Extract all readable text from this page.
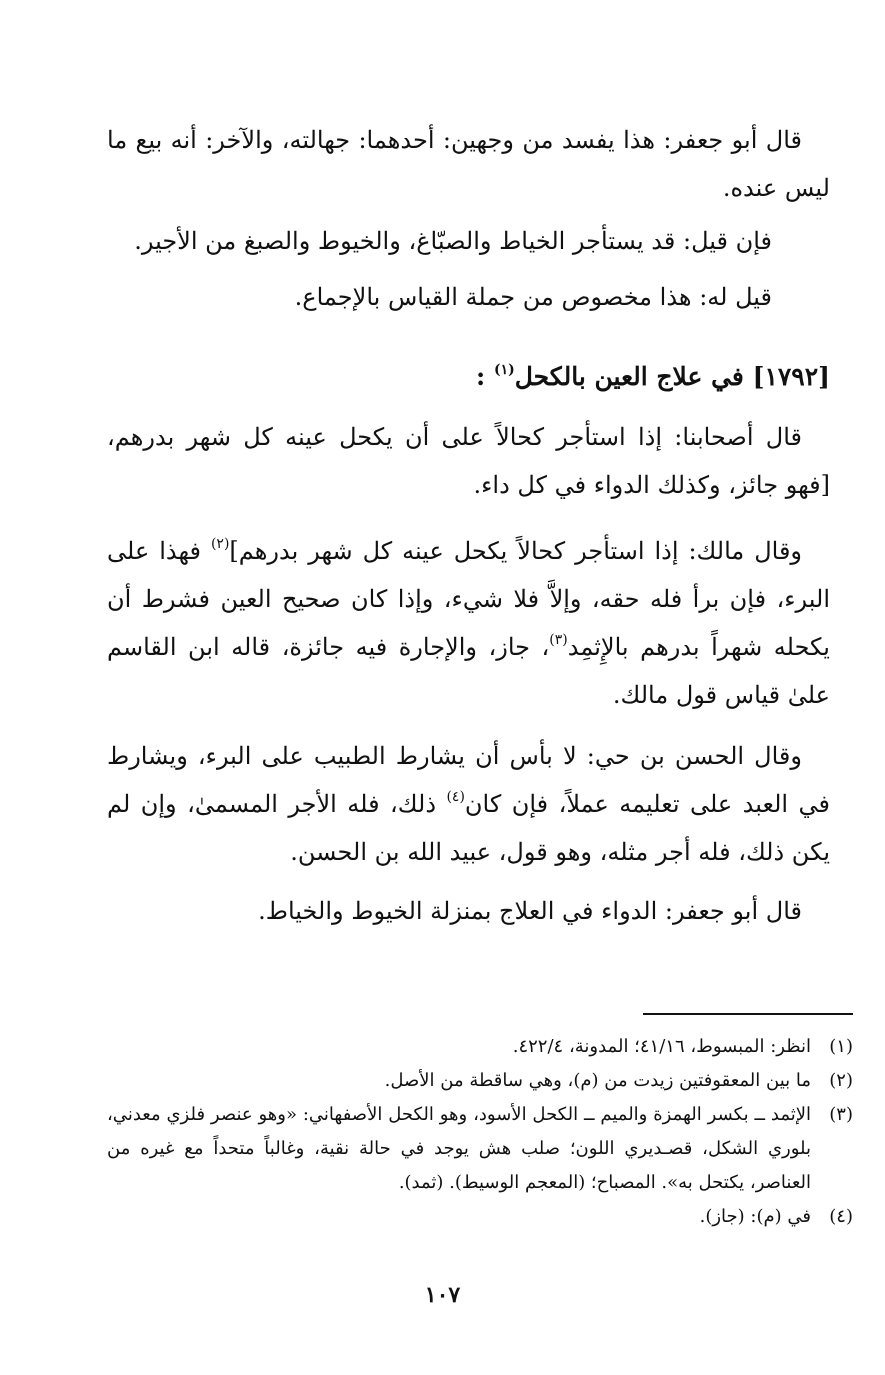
قال أبو جعفر: هذا يفسد من وجهين: أحدهما: جهالته، والآخر: أنه بيع ما ليس عنده.

فإن قيل: قد يستأجر الخياط والصبّاغ، والخيوط والصبغ من الأجير.

قيل له: هذا مخصوص من جملة القياس بالإجماع.

[١٧٩٢] في علاج العين بالكحل$^{(١)}$ :

قال أصحابنا: إذا استأجر كحالاً على أن يكحل عينه كل شهر بدرهم، [فهو جائز، وكذلك الدواء في كل داء.

وقال مالك: إذا استأجر كحالاً يكحل عينه كل شهر بدرهم]$^{(٢)}$ فهذا على البرء، فإن برأ فله حقه، وإلاَّ فلا شيء، وإذا كان صحيح العين فشرط أن يكحله شهراً بدرهم بالإِثمِد$^{(٣)}$، جاز، والإجارة فيه جائزة، قاله ابن القاسم علىٰ قياس قول مالك.

وقال الحسن بن حي: لا بأس أن يشارط الطبيب على البرء، ويشارط في العبد على تعليمه عملاً، فإن كان$^{(٤)}$ ذلك، فله الأجر المسمىٰ، وإن لم يكن ذلك، فله أجر مثله، وهو قول، عبيد الله بن الحسن.

قال أبو جعفر: الدواء في العلاج بمنزلة الخيوط والخياط.

(١)
انظر: المبسوط، ٤١/١٦؛ المدونة، ٤٢٢/٤.
(٢)
ما بين المعقوفتين زيدت من (م)، وهي ساقطة من الأصل.
(٣)
الإثمد ــ بكسر الهمزة والميم ــ الكحل الأسود، وهو الكحل الأصفهاني: «وهو عنصر فلزي معدني، بلوري الشكل، قصـديري اللون؛ صلب هش يوجد في حالة نقية، وغالباً متحداً مع غيره من العناصر، يكتحل به». المصباح؛ (المعجم الوسيط). (ثمد).
(٤)
في (م): (جاز).
١٠٧
